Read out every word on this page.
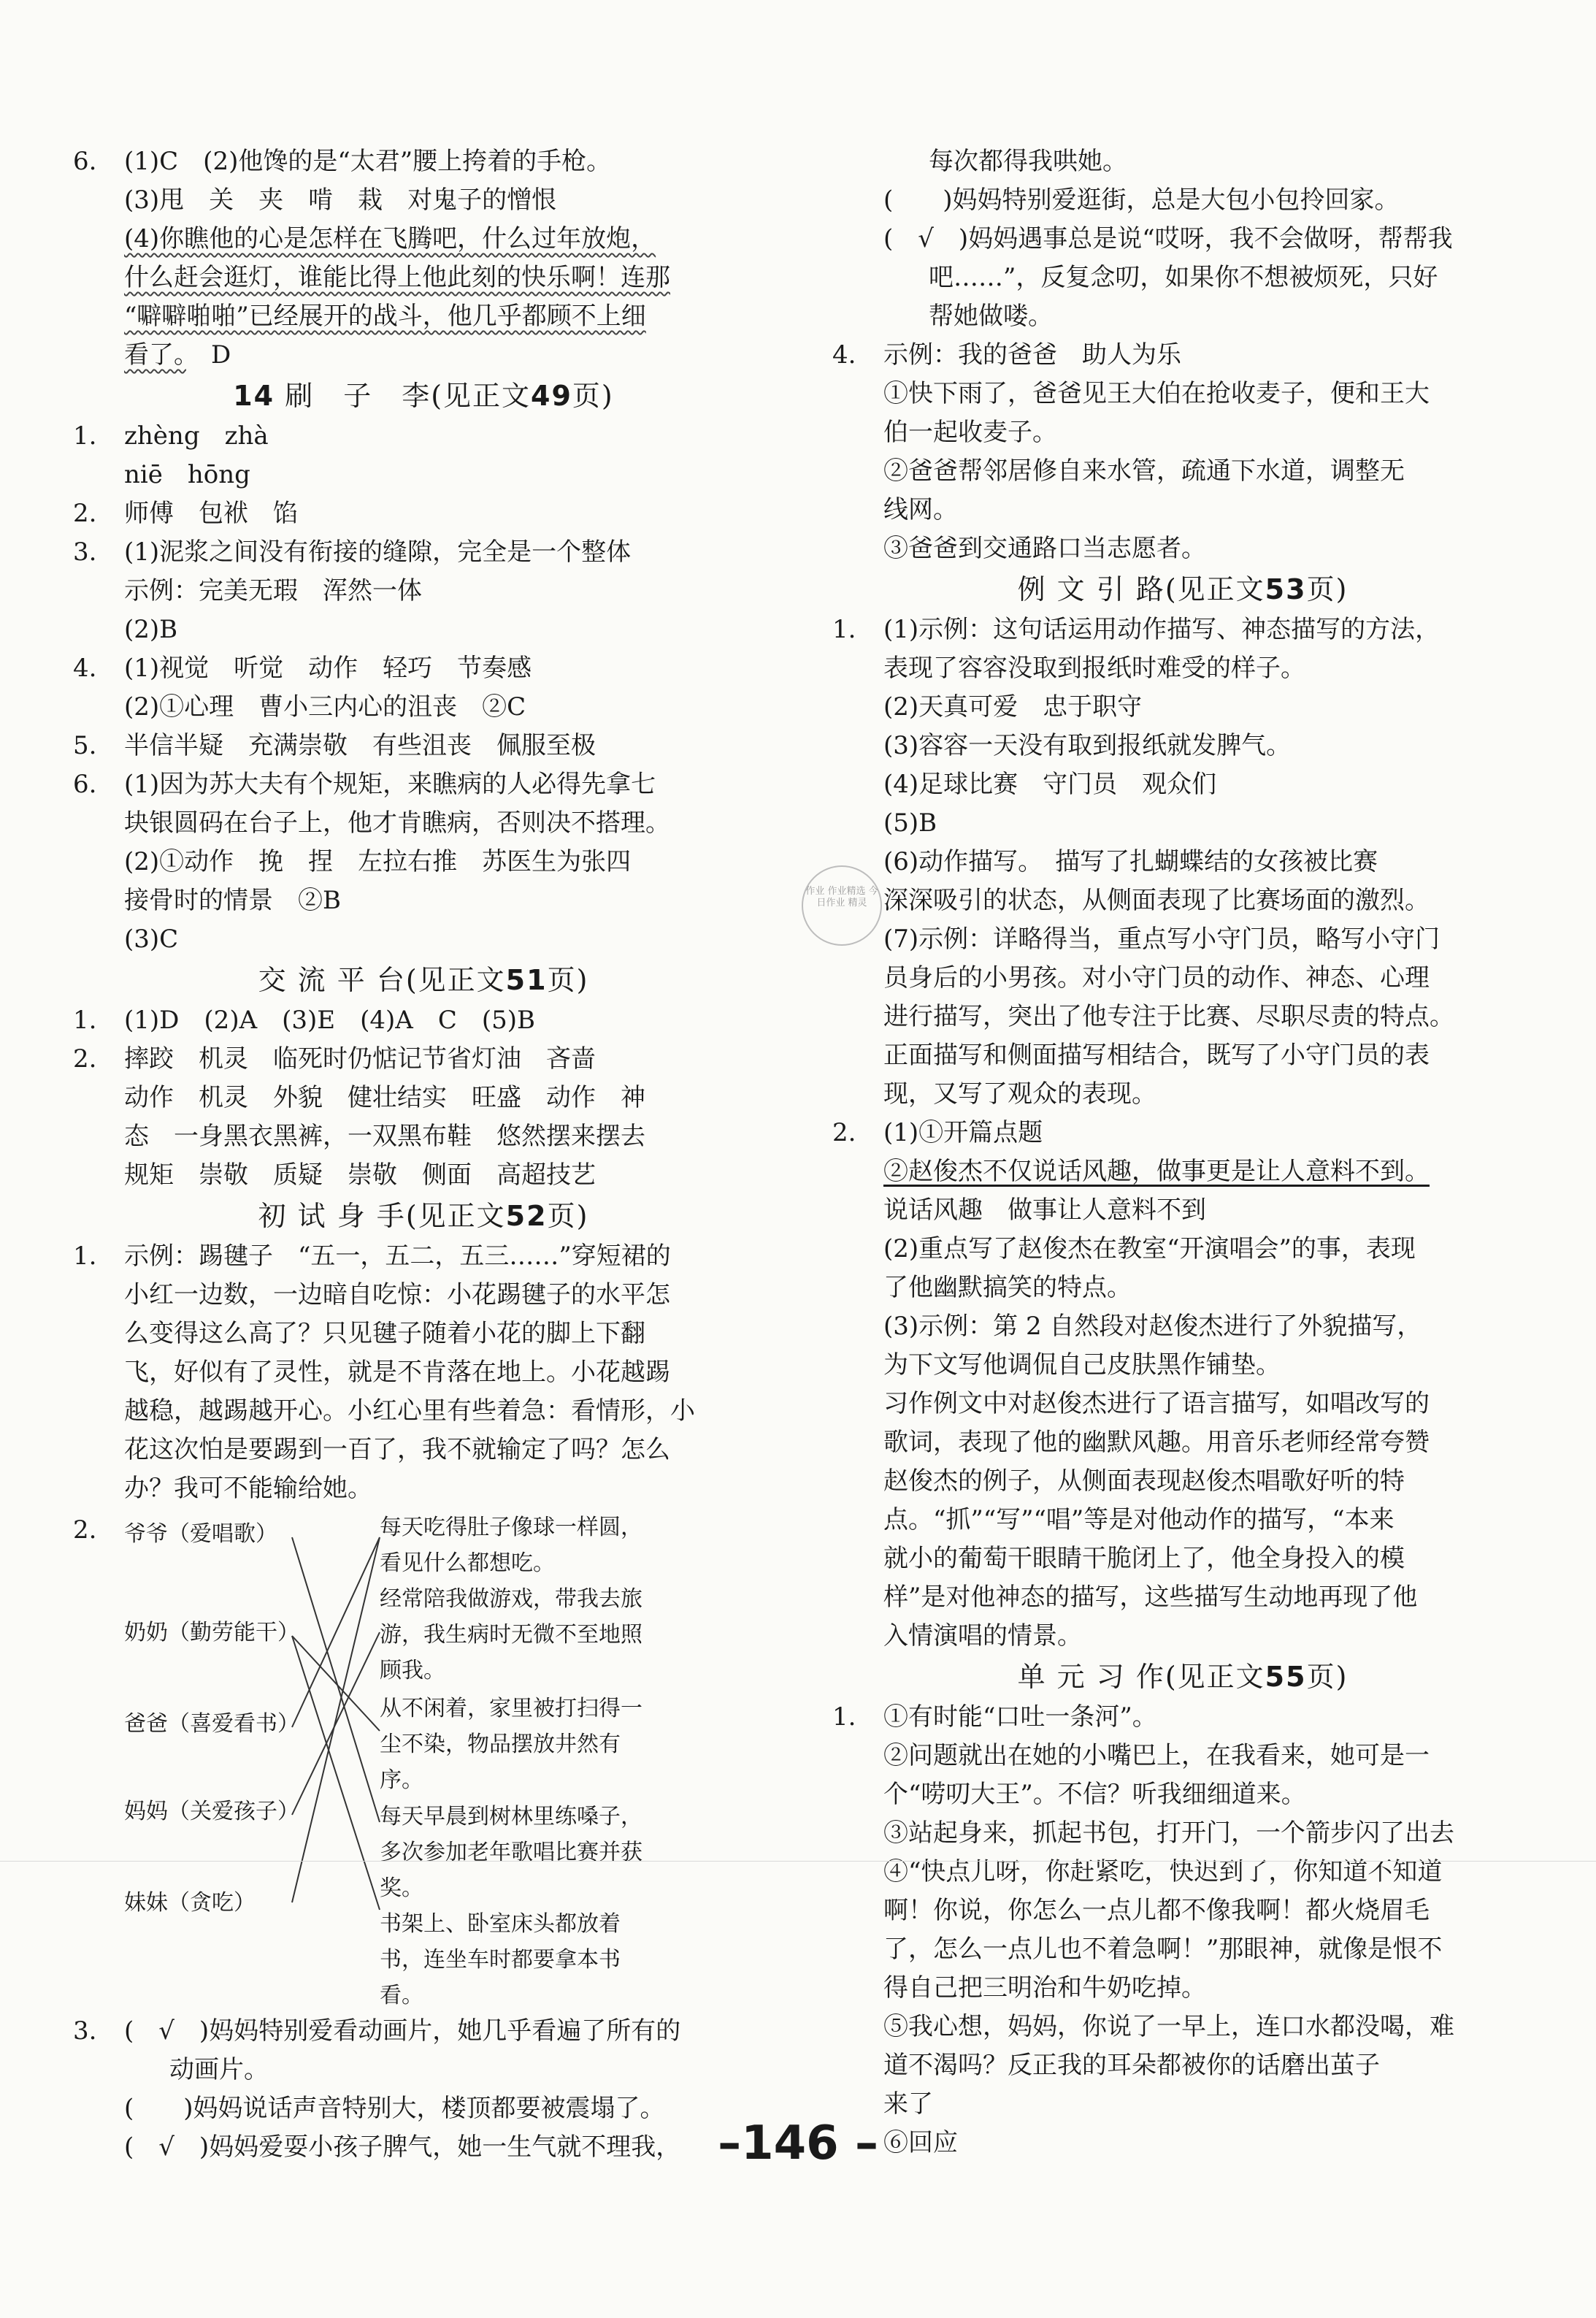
6. (1)C　(2)他馋的是“太君”腰上挎着的手枪。
(3)甩　关　夹　啃　栽　对鬼子的憎恨
(4)你瞧他的心是怎样在飞腾吧，什么过年放炮，
什么赶会逛灯，谁能比得上他此刻的快乐啊！连那
“噼噼啪啪”已经展开的战斗，他几乎都顾不上细
看了。　D
14 刷　子　李(见正文49页)
1. zhèng　zhà
niē　hōng
2. 师傅　包袱　馅
3. (1)泥浆之间没有衔接的缝隙，完全是一个整体
示例：完美无瑕　浑然一体
(2)B
4. (1)视觉　听觉　动作　轻巧　节奏感
(2)①心理　曹小三内心的沮丧　②C
5. 半信半疑　充满崇敬　有些沮丧　佩服至极
6. (1)因为苏大夫有个规矩，来瞧病的人必得先拿七
块银圆码在台子上，他才肯瞧病，否则决不搭理。
(2)①动作　挽　捏　左拉右推　苏医生为张四
接骨时的情景　②B
(3)C
交 流 平 台(见正文51页)
1. (1)D　(2)A　(3)E　(4)A　C　(5)B
2. 摔跤　机灵　临死时仍惦记节省灯油　吝啬
动作　机灵　外貌　健壮结实　旺盛　动作　神
态　一身黑衣黑裤，一双黑布鞋　悠然摆来摆去
规矩　崇敬　质疑　崇敬　侧面　高超技艺
初 试 身 手(见正文52页)
1. 示例：踢毽子　“五一，五二，五三……”穿短裙的
小红一边数，一边暗自吃惊：小花踢毽子的水平怎
么变得这么高了？只见毽子随着小花的脚上下翻
飞，好似有了灵性，就是不肯落在地上。小花越踢
越稳，越踢越开心。小红心里有些着急：看情形，小
花这次怕是要踢到一百了，我不就输定了吗？怎么
办？我可不能输给她。
2. 爷爷（爱唱歌）
奶奶（勤劳能干）
爸爸（喜爱看书）
妈妈（关爱孩子）
妹妹（贪吃）
每天吃得肚子像球一样圆，看见什么都想吃。
经常陪我做游戏，带我去旅游，我生病时无微不至地照顾我。
从不闲着，家里被打扫得一尘不染，物品摆放井然有序。
每天早晨到树林里练嗓子，多次参加老年歌唱比赛并获奖。
书架上、卧室床头都放着书，连坐车时都要拿本书看。
3. (　√　)妈妈特别爱看动画片，她几乎看遍了所有的
动画片。
(　　)妈妈说话声音特别大，楼顶都要被震塌了。
(　√　)妈妈爱耍小孩子脾气，她一生气就不理我，
每次都得我哄她。
(　　)妈妈特别爱逛街，总是大包小包拎回家。
(　√　)妈妈遇事总是说“哎呀，我不会做呀，帮帮我
吧……”，反复念叨，如果你不想被烦死，只好
帮她做喽。
4. 示例：我的爸爸　助人为乐
①快下雨了，爸爸见王大伯在抢收麦子，便和王大
伯一起收麦子。
②爸爸帮邻居修自来水管，疏通下水道，调整无
线网。
③爸爸到交通路口当志愿者。
例 文 引 路(见正文53页)
1. (1)示例：这句话运用动作描写、神态描写的方法，
表现了容容没取到报纸时难受的样子。
(2)天真可爱　忠于职守
(3)容容一天没有取到报纸就发脾气。
(4)足球比赛　守门员　观众们
(5)B
(6)动作描写。　描写了扎蝴蝶结的女孩被比赛
深深吸引的状态，从侧面表现了比赛场面的激烈。
(7)示例：详略得当，重点写小守门员，略写小守门
员身后的小男孩。对小守门员的动作、神态、心理
进行描写，突出了他专注于比赛、尽职尽责的特点。
正面描写和侧面描写相结合，既写了小守门员的表
现，又写了观众的表现。
2. (1)①开篇点题
②赵俊杰不仅说话风趣，做事更是让人意料不到。
说话风趣　做事让人意料不到
(2)重点写了赵俊杰在教室“开演唱会”的事，表现
了他幽默搞笑的特点。
(3)示例：第 2 自然段对赵俊杰进行了外貌描写，
为下文写他调侃自己皮肤黑作铺垫。
习作例文中对赵俊杰进行了语言描写，如唱改写的
歌词，表现了他的幽默风趣。用音乐老师经常夸赞
赵俊杰的例子，从侧面表现赵俊杰唱歌好听的特
点。“抓”“写”“唱”等是对他动作的描写，“本来
就小的葡萄干眼睛干脆闭上了，他全身投入的模
样”是对他神态的描写，这些描写生动地再现了他
入情演唱的情景。
单 元 习 作(见正文55页)
1. ①有时能“口吐一条河”。
②问题就出在她的小嘴巴上，在我看来，她可是一
个“唠叨大王”。不信？听我细细道来。
③站起身来，抓起书包，打开门，一个箭步闪了出去
④“快点儿呀，你赶紧吃，快迟到了，你知道不知道
啊！你说，你怎么一点儿都不像我啊！都火烧眉毛
了，怎么一点儿也不着急啊！”那眼神，就像是恨不
得自己把三明治和牛奶吃掉。
⑤我心想，妈妈，你说了一早上，连口水都没喝，难
道不渴吗？反正我的耳朵都被你的话磨出茧子
来了
⑥回应
作业 作业精选 今日作业 精灵
–146 –
